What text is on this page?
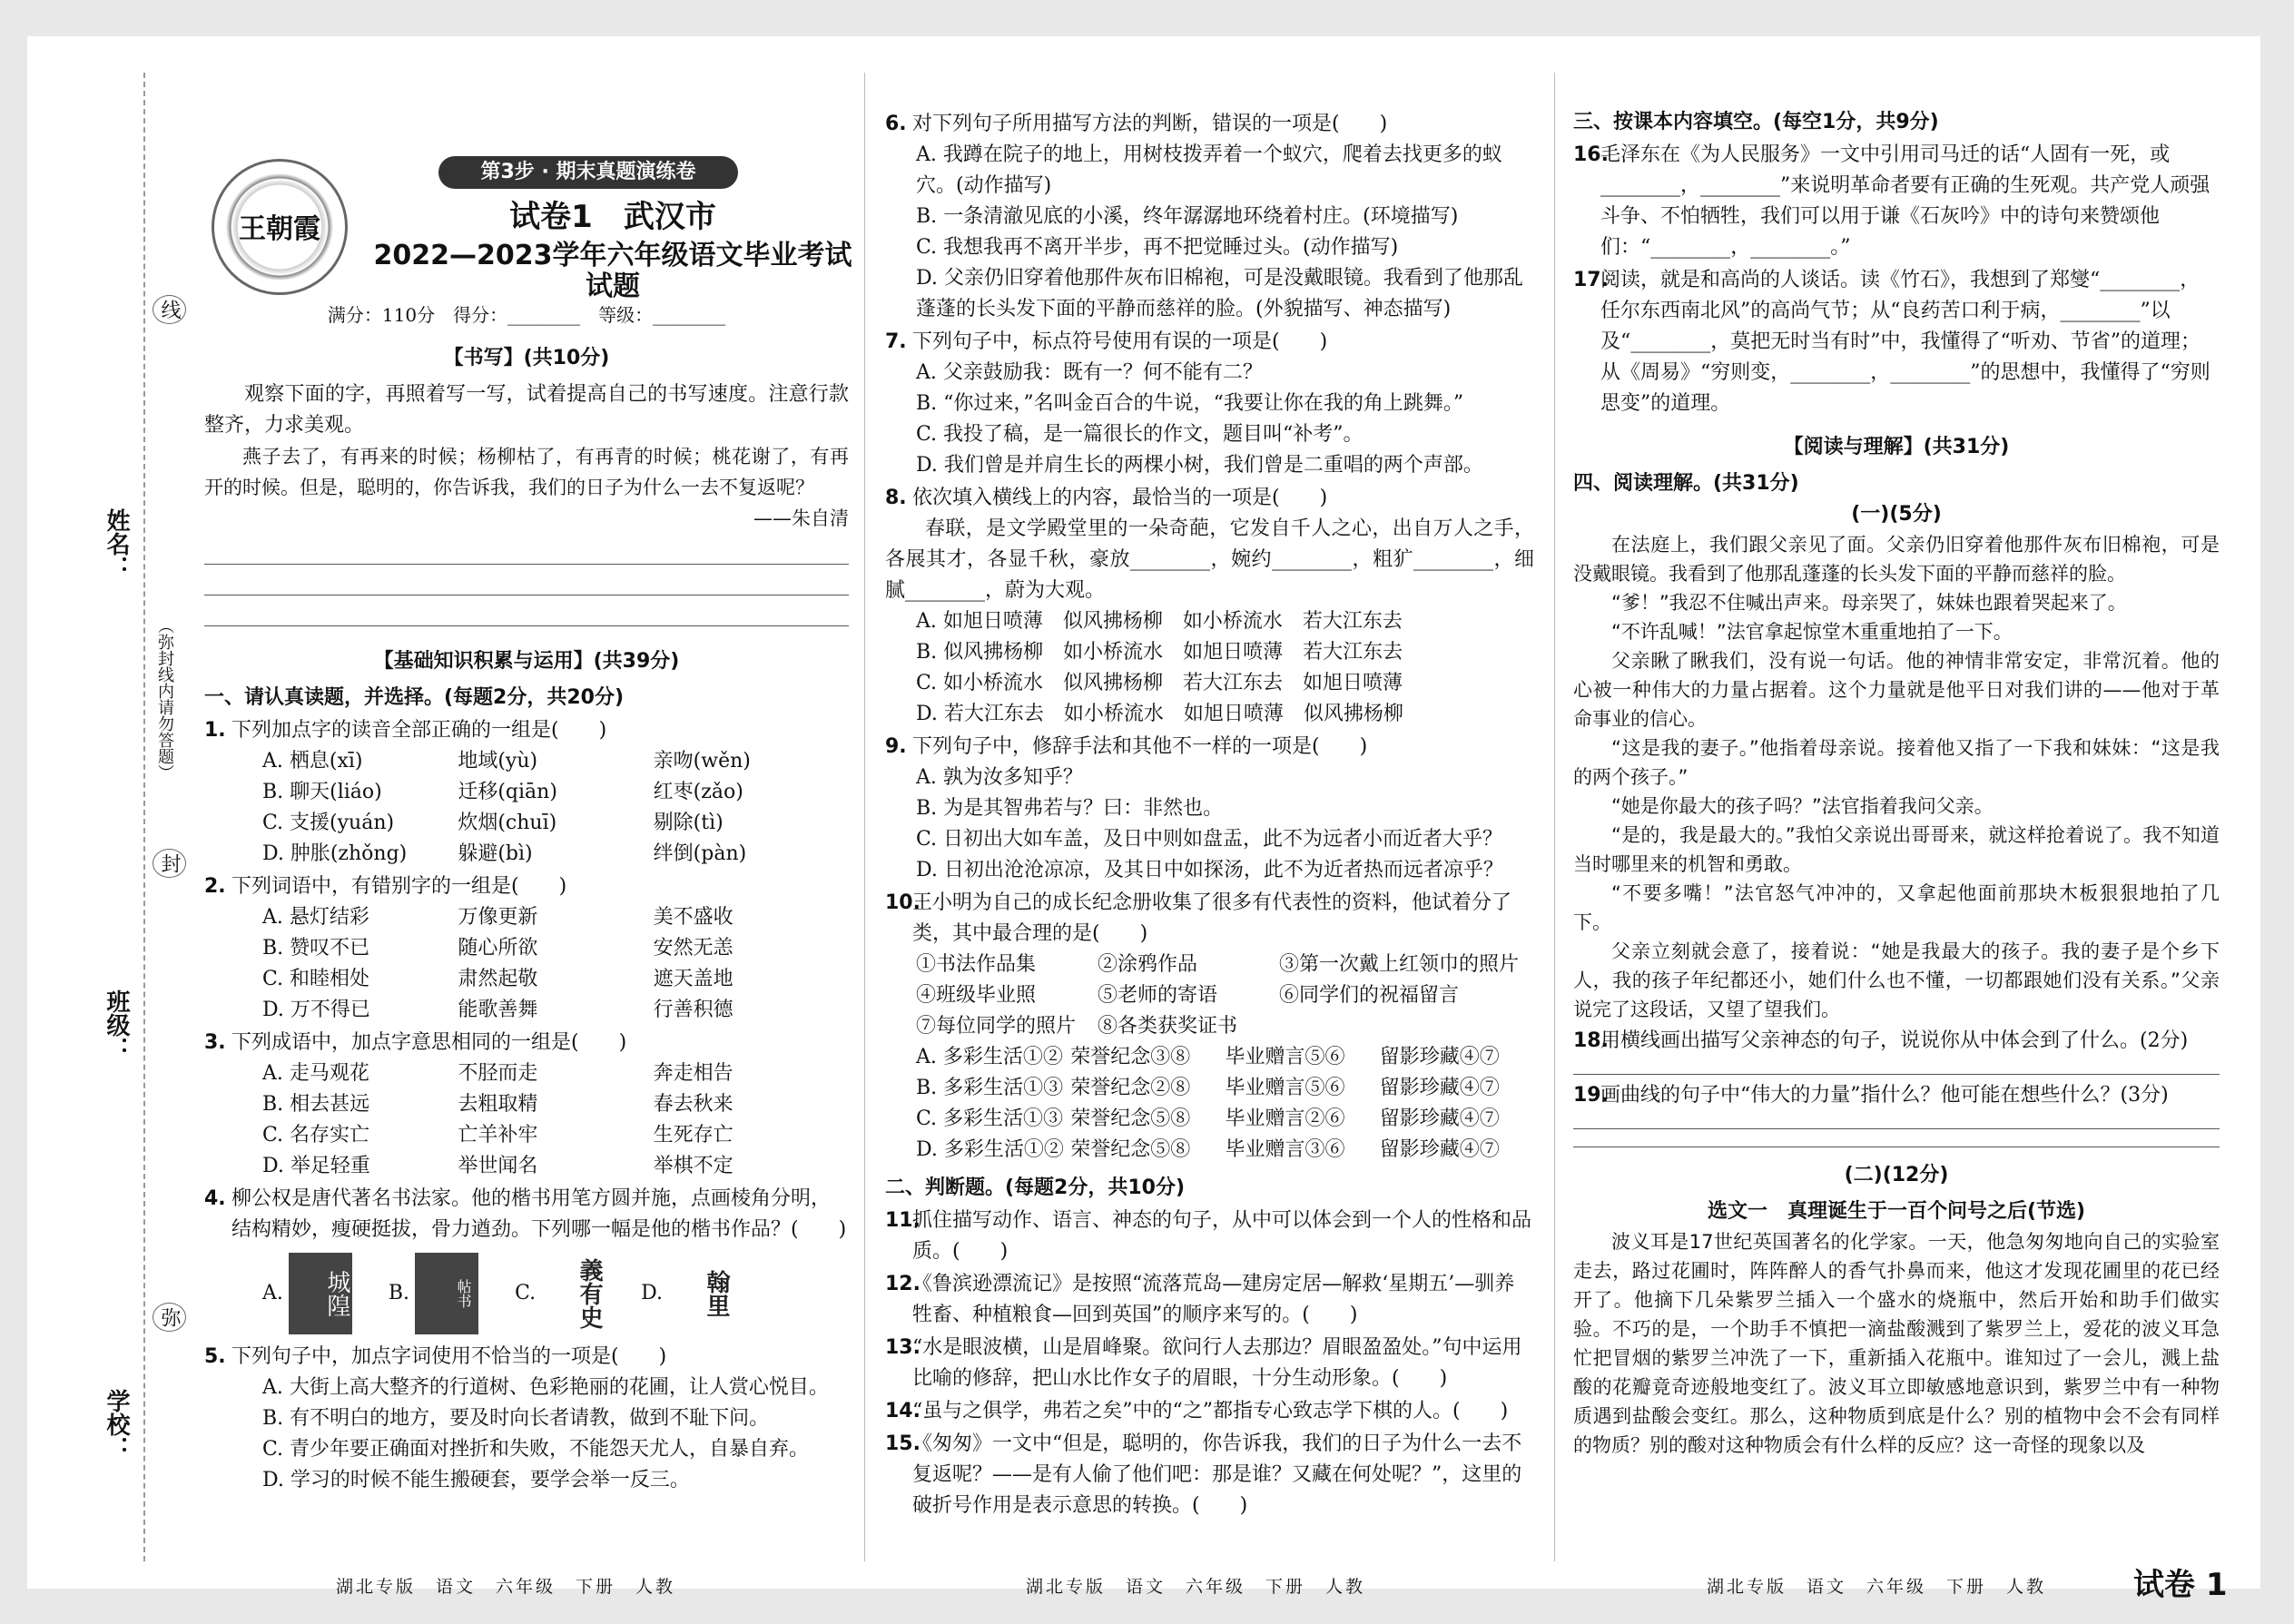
线
姓名：
（弥封线内请勿答题）
封
班级：
弥
学校：
王朝霞
第3步 · 期末真题演练卷
试卷1　武汉市
2022—2023学年六年级语文毕业考试试题
满分：110分　得分：________　等级：________
【书写】(共10分)
观察下面的字，再照着写一写，试着提高自己的书写速度。注意行款整齐，力求美观。
燕子去了，有再来的时候；杨柳枯了，有再青的时候；桃花谢了，有再开的时候。但是，聪明的，你告诉我，我们的日子为什么一去不复返呢？
——朱自清
【基础知识积累与运用】(共39分)
一、请认真读题，并选择。(每题2分，共20分)
1. 下列加点字的读音全部正确的一组是(　　)
A. 栖息(xī)	地域(yù)	亲吻(wěn)
B. 聊天(liáo)	迁移(qiān)	红枣(zǎo)
C. 支援(yuán)	炊烟(chuī)	剔除(tì)
D. 肿胀(zhǒng)	躲避(bì)	绊倒(pàn)
2. 下列词语中，有错别字的一组是(　　)
A. 悬灯结彩	万像更新	美不盛收
B. 赞叹不已	随心所欲	安然无恙
C. 和睦相处	肃然起敬	遮天盖地
D. 万不得已	能歌善舞	行善积德
3. 下列成语中，加点字意思相同的一组是(　　)
A. 走马观花	不胫而走	奔走相告
B. 相去甚远	去粗取精	春去秋来
C. 名存实亡	亡羊补牢	生死存亡
D. 举足轻重	举世闻名	举棋不定
4. 柳公权是唐代著名书法家。他的楷书用笔方圆并施，点画棱角分明，结构精妙，瘦硬挺拔，骨力遒劲。下列哪一幅是他的楷书作品？(　　)
A.	城隍 B.	帖书	C.	義有史 D.	翰里
5. 下列句子中，加点字词使用不恰当的一项是(　　)
A. 大街上高大整齐的行道树、色彩艳丽的花圃，让人赏心悦目。
B. 有不明白的地方，要及时向长者请教，做到不耻下问。
C. 青少年要正确面对挫折和失败，不能怨天尤人，自暴自弃。
D. 学习的时候不能生搬硬套，要学会举一反三。
6. 对下列句子所用描写方法的判断，错误的一项是(　　)
A. 我蹲在院子的地上，用树枝拨弄着一个蚁穴，爬着去找更多的蚁穴。(动作描写)
B. 一条清澈见底的小溪，终年潺潺地环绕着村庄。(环境描写)
C. 我想我再不离开半步，再不把觉睡过头。(动作描写)
D. 父亲仍旧穿着他那件灰布旧棉袍，可是没戴眼镜。我看到了他那乱蓬蓬的长头发下面的平静而慈祥的脸。(外貌描写、神态描写)
7. 下列句子中，标点符号使用有误的一项是(　　)
A. 父亲鼓励我：既有一？何不能有二？
B. “你过来，”名叫金百合的牛说，“我要让你在我的角上跳舞。”
C. 我投了稿，是一篇很长的作文，题目叫“补考”。
D. 我们曾是并肩生长的两棵小树，我们曾是二重唱的两个声部。
8. 依次填入横线上的内容，最恰当的一项是(　　)
春联，是文学殿堂里的一朵奇葩，它发自千人之心，出自万人之手，各展其才，各显千秋，豪放________，婉约________，粗犷________，细腻________，蔚为大观。
A. 如旭日喷薄　似风拂杨柳　如小桥流水　若大江东去
B. 似风拂杨柳　如小桥流水　如旭日喷薄　若大江东去
C. 如小桥流水　似风拂杨柳　若大江东去　如旭日喷薄
D. 若大江东去　如小桥流水　如旭日喷薄　似风拂杨柳
9. 下列句子中，修辞手法和其他不一样的一项是(　　)
A. 孰为汝多知乎？
B. 为是其智弗若与？曰：非然也。
C. 日初出大如车盖，及日中则如盘盂，此不为远者小而近者大乎？
D. 日初出沧沧凉凉，及其日中如探汤，此不为近者热而远者凉乎？
10.
王小明为自己的成长纪念册收集了很多有代表性的资料，他试着分了类，其中最合理的是(　　)
①书法作品集	②涂鸦作品	③第一次戴上红领巾的照片
④班级毕业照	⑤老师的寄语	⑥同学们的祝福留言
⑦每位同学的照片	⑧各类获奖证书
A. 多彩生活①② 荣誉纪念③⑧	毕业赠言⑤⑥	留影珍藏④⑦
B. 多彩生活①③ 荣誉纪念②⑧	毕业赠言⑤⑥	留影珍藏④⑦
C. 多彩生活①③ 荣誉纪念⑤⑧	毕业赠言②⑥	留影珍藏④⑦
D. 多彩生活①② 荣誉纪念⑤⑧	毕业赠言③⑥	留影珍藏④⑦
二、判断题。(每题2分，共10分)
11.
抓住描写动作、语言、神态的句子，从中可以体会到一个人的性格和品质。(　　)
12.
《鲁滨逊漂流记》是按照“流落荒岛—建房定居—解救‘星期五’—驯养牲畜、种植粮食—回到英国”的顺序来写的。(　　)
13.
“水是眼波横，山是眉峰聚。欲问行人去那边？眉眼盈盈处。”句中运用比喻的修辞，把山水比作女子的眉眼，十分生动形象。(　　)
14.
“虽与之俱学，弗若之矣”中的“之”都指专心致志学下棋的人。(　　)
15.
《匆匆》一文中“但是，聪明的，你告诉我，我们的日子为什么一去不复返呢？——是有人偷了他们吧：那是谁？又藏在何处呢？”，这里的破折号作用是表示意思的转换。(　　)
三、按课本内容填空。(每空1分，共9分)
16.
毛泽东在《为人民服务》一文中引用司马迁的话“人固有一死，或________，________”来说明革命者要有正确的生死观。共产党人顽强斗争、不怕牺牲，我们可以用于谦《石灰吟》中的诗句来赞颂他们：“________，________。”
17.
阅读，就是和高尚的人谈话。读《竹石》，我想到了郑燮“________，任尔东西南北风”的高尚气节；从“良药苦口利于病，________”以及“________，莫把无时当有时”中，我懂得了“听劝、节省”的道理；从《周易》“穷则变，________，________”的思想中，我懂得了“穷则思变”的道理。
【阅读与理解】(共31分)
四、阅读理解。(共31分)
(一)(5分)
在法庭上，我们跟父亲见了面。父亲仍旧穿着他那件灰布旧棉袍，可是没戴眼镜。我看到了他那乱蓬蓬的长头发下面的平静而慈祥的脸。
“爹！”我忍不住喊出声来。母亲哭了，妹妹也跟着哭起来了。
“不许乱喊！”法官拿起惊堂木重重地拍了一下。
父亲瞅了瞅我们，没有说一句话。他的神情非常安定，非常沉着。他的心被一种伟大的力量占据着。这个力量就是他平日对我们讲的——他对于革命事业的信心。
“这是我的妻子。”他指着母亲说。接着他又指了一下我和妹妹：“这是我的两个孩子。”
“她是你最大的孩子吗？”法官指着我问父亲。
“是的，我是最大的。”我怕父亲说出哥哥来，就这样抢着说了。我不知道当时哪里来的机智和勇敢。
“不要多嘴！”法官怒气冲冲的，又拿起他面前那块木板狠狠地拍了几下。
父亲立刻就会意了，接着说：“她是我最大的孩子。我的妻子是个乡下人，我的孩子年纪都还小，她们什么也不懂，一切都跟她们没有关系。”父亲说完了这段话，又望了望我们。
18.
用横线画出描写父亲神态的句子，说说你从中体会到了什么。(2分)
19.
画曲线的句子中“伟大的力量”指什么？他可能在想些什么？(3分)
(二)(12分)
选文一　真理诞生于一百个问号之后(节选)
波义耳是17世纪英国著名的化学家。一天，他急匆匆地向自己的实验室走去，路过花圃时，阵阵醉人的香气扑鼻而来，他这才发现花圃里的花已经开了。他摘下几朵紫罗兰插入一个盛水的烧瓶中，然后开始和助手们做实验。不巧的是，一个助手不慎把一滴盐酸溅到了紫罗兰上，爱花的波义耳急忙把冒烟的紫罗兰冲洗了一下，重新插入花瓶中。谁知过了一会儿，溅上盐酸的花瓣竟奇迹般地变红了。波义耳立即敏感地意识到，紫罗兰中有一种物质遇到盐酸会变红。那么，这种物质到底是什么？别的植物中会不会有同样的物质？别的酸对这种物质会有什么样的反应？这一奇怪的现象以及
湖北专版　语文　六年级　下册　人教	湖北专版　语文　六年级　下册　人教	湖北专版　语文　六年级　下册　人教	试卷 1
